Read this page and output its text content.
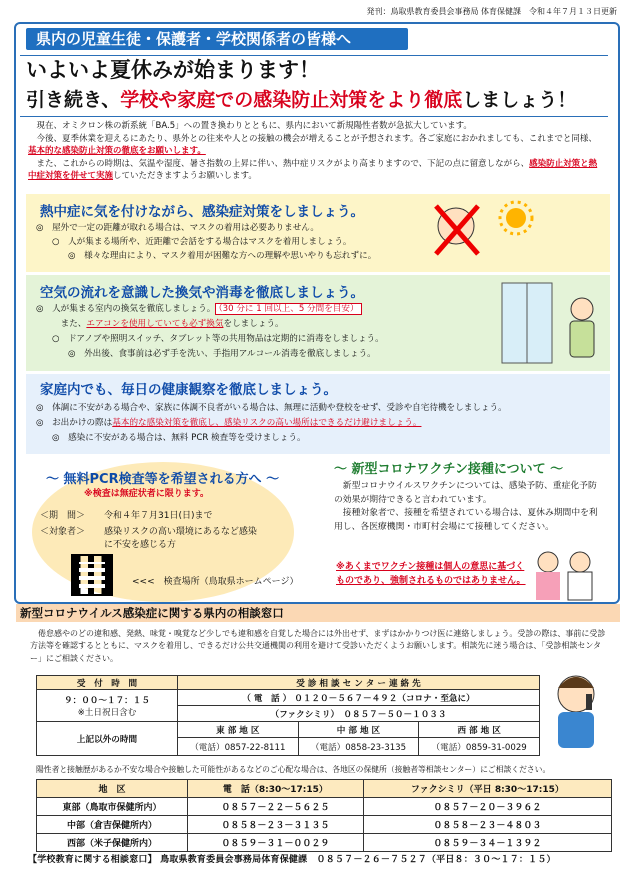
発刊：鳥取県教育委員会事務局 体育保健課　令和４年７月１３日更新
県内の児童生徒・保護者・学校関係者の皆様へ
いよいよ夏休みが始まります！
引き続き、学校や家庭での感染防止対策をより徹底しましょう！
　現在、オミクロン株の新系統「BA.5」への置き換わりとともに、県内において新規陽性者数が急拡大しています。
　今後、夏季休業を迎えるにあたり、県外との往来や人との接触の機会が増えることが予想されます。各ご家庭におかれましても、これまでと同様、基本的な感染防止対策の徹底をお願いします。
　また、これからの時期は、気温や湿度、暑さ指数の上昇に伴い、熱中症リスクがより高まりますので、下記の点に留意しながら、感染防止対策と熱中症対策を併せて実施していただきますようお願いします。
熱中症に気を付けながら、感染症対策をしましょう。
◎　屋外で一定の距離が取れる場合は、マスクの着用は必要ありません。
○　人が集まる場所や、近距離で会話をする場合はマスクを着用しましょう。
◎　様々な理由により、マスク着用が困難な方への理解や思いやりも忘れずに。
空気の流れを意識した換気や消毒を徹底しましょう。
◎　人が集まる室内の換気を徹底しましょう。 （30 分に 1 回以上、5 分間を目安）
　また、エアコンを使用していても必ず換気をしましょう。
○　ドアノブや照明スイッチ、タブレット等の共用物品は定期的に消毒をしましょう。
◎　外出後、食事前は必ず手を洗い、手指用アルコール消毒を徹底しましょう。
家庭内でも、毎日の健康観察を徹底しましょう。
◎　体調に不安がある場合や、家族に体調不良者がいる場合は、無理に活動や登校をせず、受診や自宅待機をしましょう。
◎　お出かけの際は基本的な感染対策を徹底し、感染リスクの高い場所はできるだけ避けましょう。
◎　感染に不安がある場合は、無料 PCR 検査等を受けましょう。
～ 無料PCR検査等を希望される方へ ～
※検査は無症状者に限ります。
＜期　間＞ 令和４年７月31日(日)まで
＜対象者＞ 感染リスクの高い環境にあるなど感染
に不安を感じる方
<<<　検査場所（鳥取県ホームページ）
～ 新型コロナワクチン接種について ～
　新型コロナウイルスワクチンについては、感染予防、重症化予防の効果が期待できると言われています。
　接種対象者で、接種を希望されている場合は、夏休み期間中を利用し、各医療機関・市町村会場にて接種してください。
※あくまでワクチン接種は個人の意思に基づくものであり、強制されるものではありません。
新型コロナウイルス感染症に関する県内の相談窓口
　倦怠感やのどの違和感、発熱、味覚・嗅覚など少しでも違和感を自覚した場合には外出せず、まずはかかりつけ医に連絡しましょう。受診の際は、事前に受診方法等を確認するとともに、マスクを着用し、できるだけ公共交通機関の利用を避けて受診いただくようお願いします。相談先に迷う場合は、「受診相談センター」にご相談ください。
受　付　時　間	受 診 相 談 セ ン タ ー 連 絡 先		

９：００～１７：１５
※土日祝日含む	（ 電　話 ） ０１２０－５６７－４９２（コロナ・至急に）		
	（ファクシミリ）　０８５７－５０－１０３３		
上記以外の時間	東 部 地 区	中 部 地 区	西 部 地 区
	（電話）0857-22-8111	（電話）0858-23-3135	（電話）0859-31-0029
陽性者と接触歴があるか不安な場合や接触した可能性があるなどのご心配な場合は、各地区の保健所（接触者等相談センター）にご相談ください。
地　区	電　話（8:30～17:15）	ファクシミリ（平日 8:30～17:15）
東部（鳥取市保健所内）	０８５７－２２－５６２５	０８５７－２０－３９６２
中部（倉吉保健所内）	０８５８－２３－３１３５	０８５８－２３－４８０３
西部（米子保健所内）	０８５９－３１－００２９	０８５９－３４－１３９２
【学校教育に関する相談窓口】 鳥取県教育委員会事務局体育保健課　０８５７－２６－７５２７（平日８：３０～１７：１５）
